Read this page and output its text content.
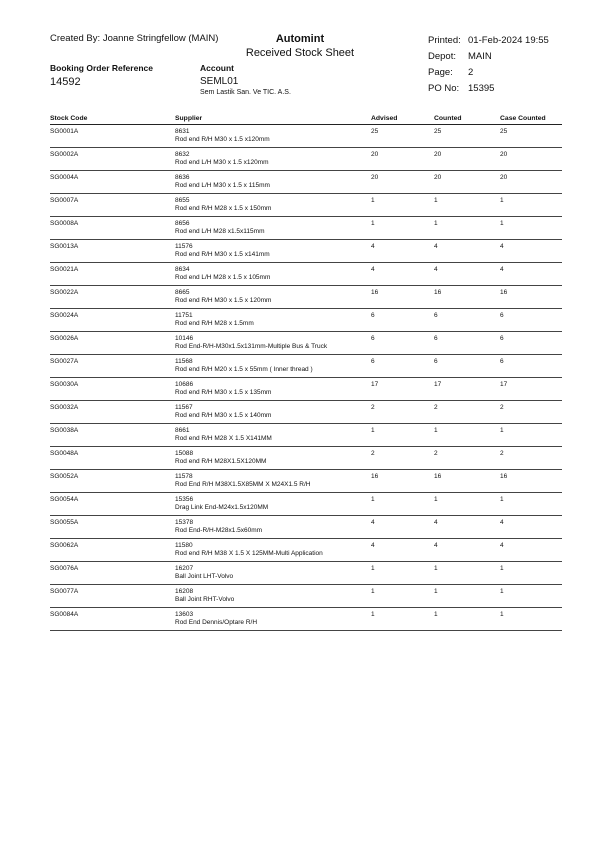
Created By: Joanne Stringfellow (MAIN)	Automint
Received Stock Sheet
Printed: 01-Feb-2024 19:55
Depot:	MAIN
Page:	2
PO No: 15395
Booking Order Reference
14592
Account
SEML01
Sem Lastik San. Ve TIC. A.S.
Stock Code	Supplier	Advised	Counted	Case Counted

SG0001A	8631
Rod end R/H M30 x 1.5 x120mm	25	25	25

SG0002A	8632
Rod end L/H M30 x 1.5 x120mm	20	20	20

SG0004A	8636
Rod end L/H M30 x 1.5 x 115mm	20	20	20

SG0007A	8655
Rod end R/H M28 x 1.5 x 150mm	1	1	1

SG0008A	8656
Rod end L/H M28 x1.5x115mm	1	1	1

SG0013A	11576
Rod end R/H M30 x 1.5 x141mm	4	4	4

SG0021A	8634
Rod end L/H M28 x 1.5 x 105mm	4	4	4

SG0022A	8665
Rod end R/H M30 x 1.5 x 120mm	16	16	16

SG0024A	11751
Rod end R/H M28 x 1.5mm	6	6	6

SG0026A	10146
Rod End-R/H-M30x1.5x131mm-Multiple Bus & Truck	6	6	6

SG0027A	11568
Rod end R/H M20 x 1.5 x 55mm ( Inner thread )	6	6	6

SG0030A	10686
Rod end R/H M30 x 1.5 x 135mm	17	17	17

SG0032A	11567
Rod end R/H M30 x 1.5 x 140mm	2	2	2

SG0038A	8661
Rod end R/H M28 X 1.5 X141MM	1	1	1

SG0048A	15088
Rod end R/H M28X1.5X120MM	2	2	2

SG0052A	11578
Rod End R/H M38X1.5X85MM X M24X1.5 R/H	16	16	16

SG0054A	15356
Drag Link End-M24x1.5x120MM	1	1	1

SG0055A	15378
Rod End-R/H-M28x1.5x60mm	4	4	4

SG0062A	11580
Rod end R/H M38 X 1.5 X 125MM-Multi Application	4	4	4

SG0076A	16207
Ball Joint LHT-Volvo	1	1	1

SG0077A	16208
Ball Joint RHT-Volvo	1	1	1

SG0084A	13603
Rod End Dennis/Optare R/H	1	1	1
